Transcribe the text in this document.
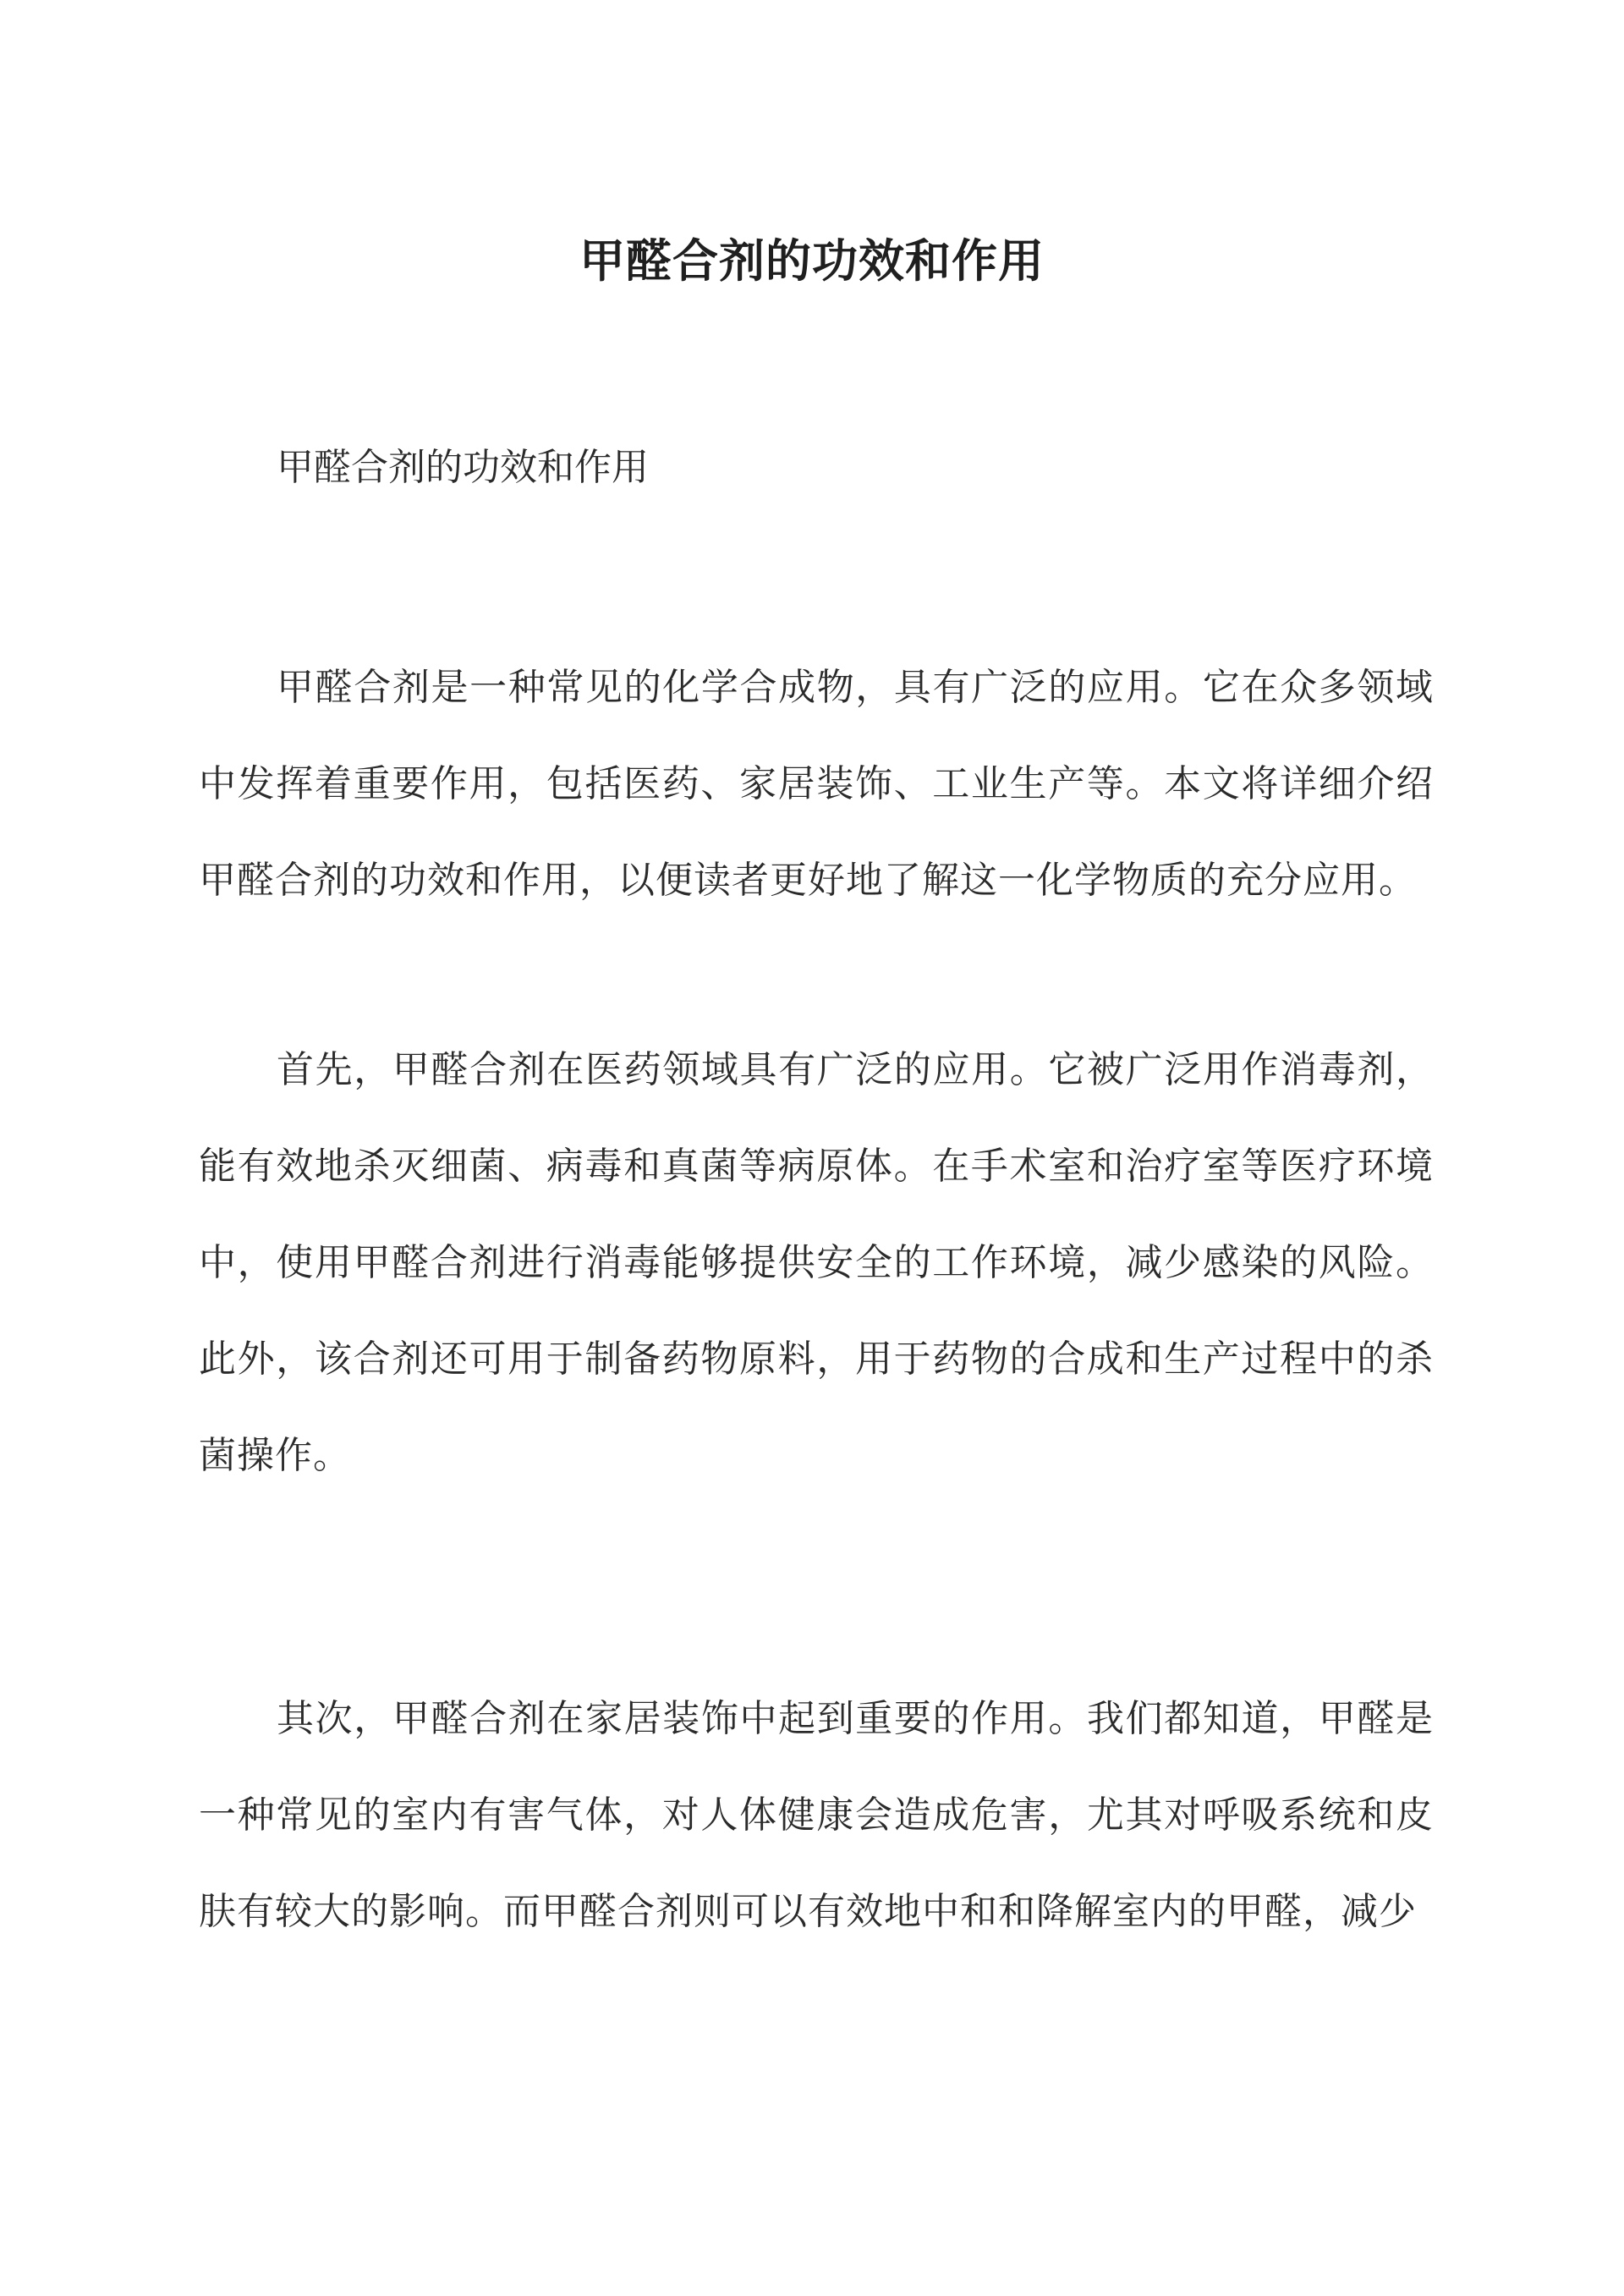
甲醛合剂的功效和作用

甲醛合剂的功效和作用

甲醛合剂是一种常见的化学合成物，具有广泛的应用。它在众多领域中发挥着重要作用，包括医药、家居装饰、工业生产等。本文将详细介绍甲醛合剂的功效和作用，以便读者更好地了解这一化学物质的充分应用。

首先，甲醛合剂在医药领域具有广泛的应用。它被广泛用作消毒剂，能有效地杀灭细菌、病毒和真菌等病原体。在手术室和治疗室等医疗环境中，使用甲醛合剂进行消毒能够提供安全的工作环境，减少感染的风险。此外，该合剂还可用于制备药物原料，用于药物的合成和生产过程中的杀菌操作。

其次，甲醛合剂在家居装饰中起到重要的作用。我们都知道，甲醛是一种常见的室内有害气体，对人体健康会造成危害，尤其对呼吸系统和皮肤有较大的影响。而甲醛合剂则可以有效地中和和降解室内的甲醛，减少
